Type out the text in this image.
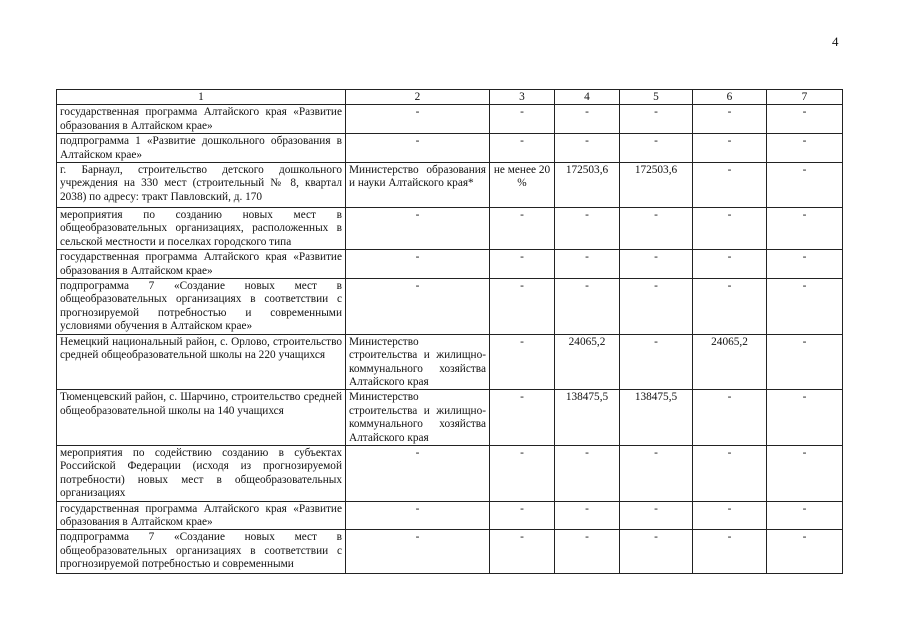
4
1	2	3	4	5	6	7
государственная программа Алтайского края «Развитие образования в Алтайском крае»	-	-	-	-	-	-
подпрограмма 1 «Развитие дошкольного образования в Алтайском крае»	-	-	-	-	-	-
г. Барнаул, строительство детского дошкольного учреждения на 330 мест (строительный № 8, квартал 2038) по адресу: тракт Павловский, д. 170	Министерство образования и науки Алтайского края*	не менее 20 %	172503,6	172503,6	-	-
мероприятия по созданию новых мест в общеобразовательных организациях, расположенных в сельской местности и поселках городского типа	-	-	-	-	-	-
государственная программа Алтайского края «Развитие образования в Алтайском крае»	-	-	-	-	-	-
подпрограмма 7 «Создание новых мест в общеобразовательных организациях в соответствии с прогнозируемой потребностью и современными условиями обучения в Алтайском крае»	-	-	-	-	-	-
Немецкий национальный район, с. Орлово, строительство средней общеобразовательной школы на 220 учащихся	Министерство строительства и жилищно-коммунального хозяйства Алтайского края	-	24065,2	-	24065,2	-
Тюменцевский район, с. Шарчино, строительство средней общеобразовательной школы на 140 учащихся	Министерство строительства и жилищно-коммунального хозяйства Алтайского края	-	138475,5	138475,5	-	-
мероприятия по содействию созданию в субъектах Российской Федерации (исходя из прогнозируемой потребности) новых мест в общеобразовательных организациях	-	-	-	-	-	-
государственная программа Алтайского края «Развитие образования в Алтайском крае»	-	-	-	-	-	-
подпрограмма 7 «Создание новых мест в общеобразовательных организациях в соответствии с прогнозируемой потребностью и современными	-	-	-	-	-	-
